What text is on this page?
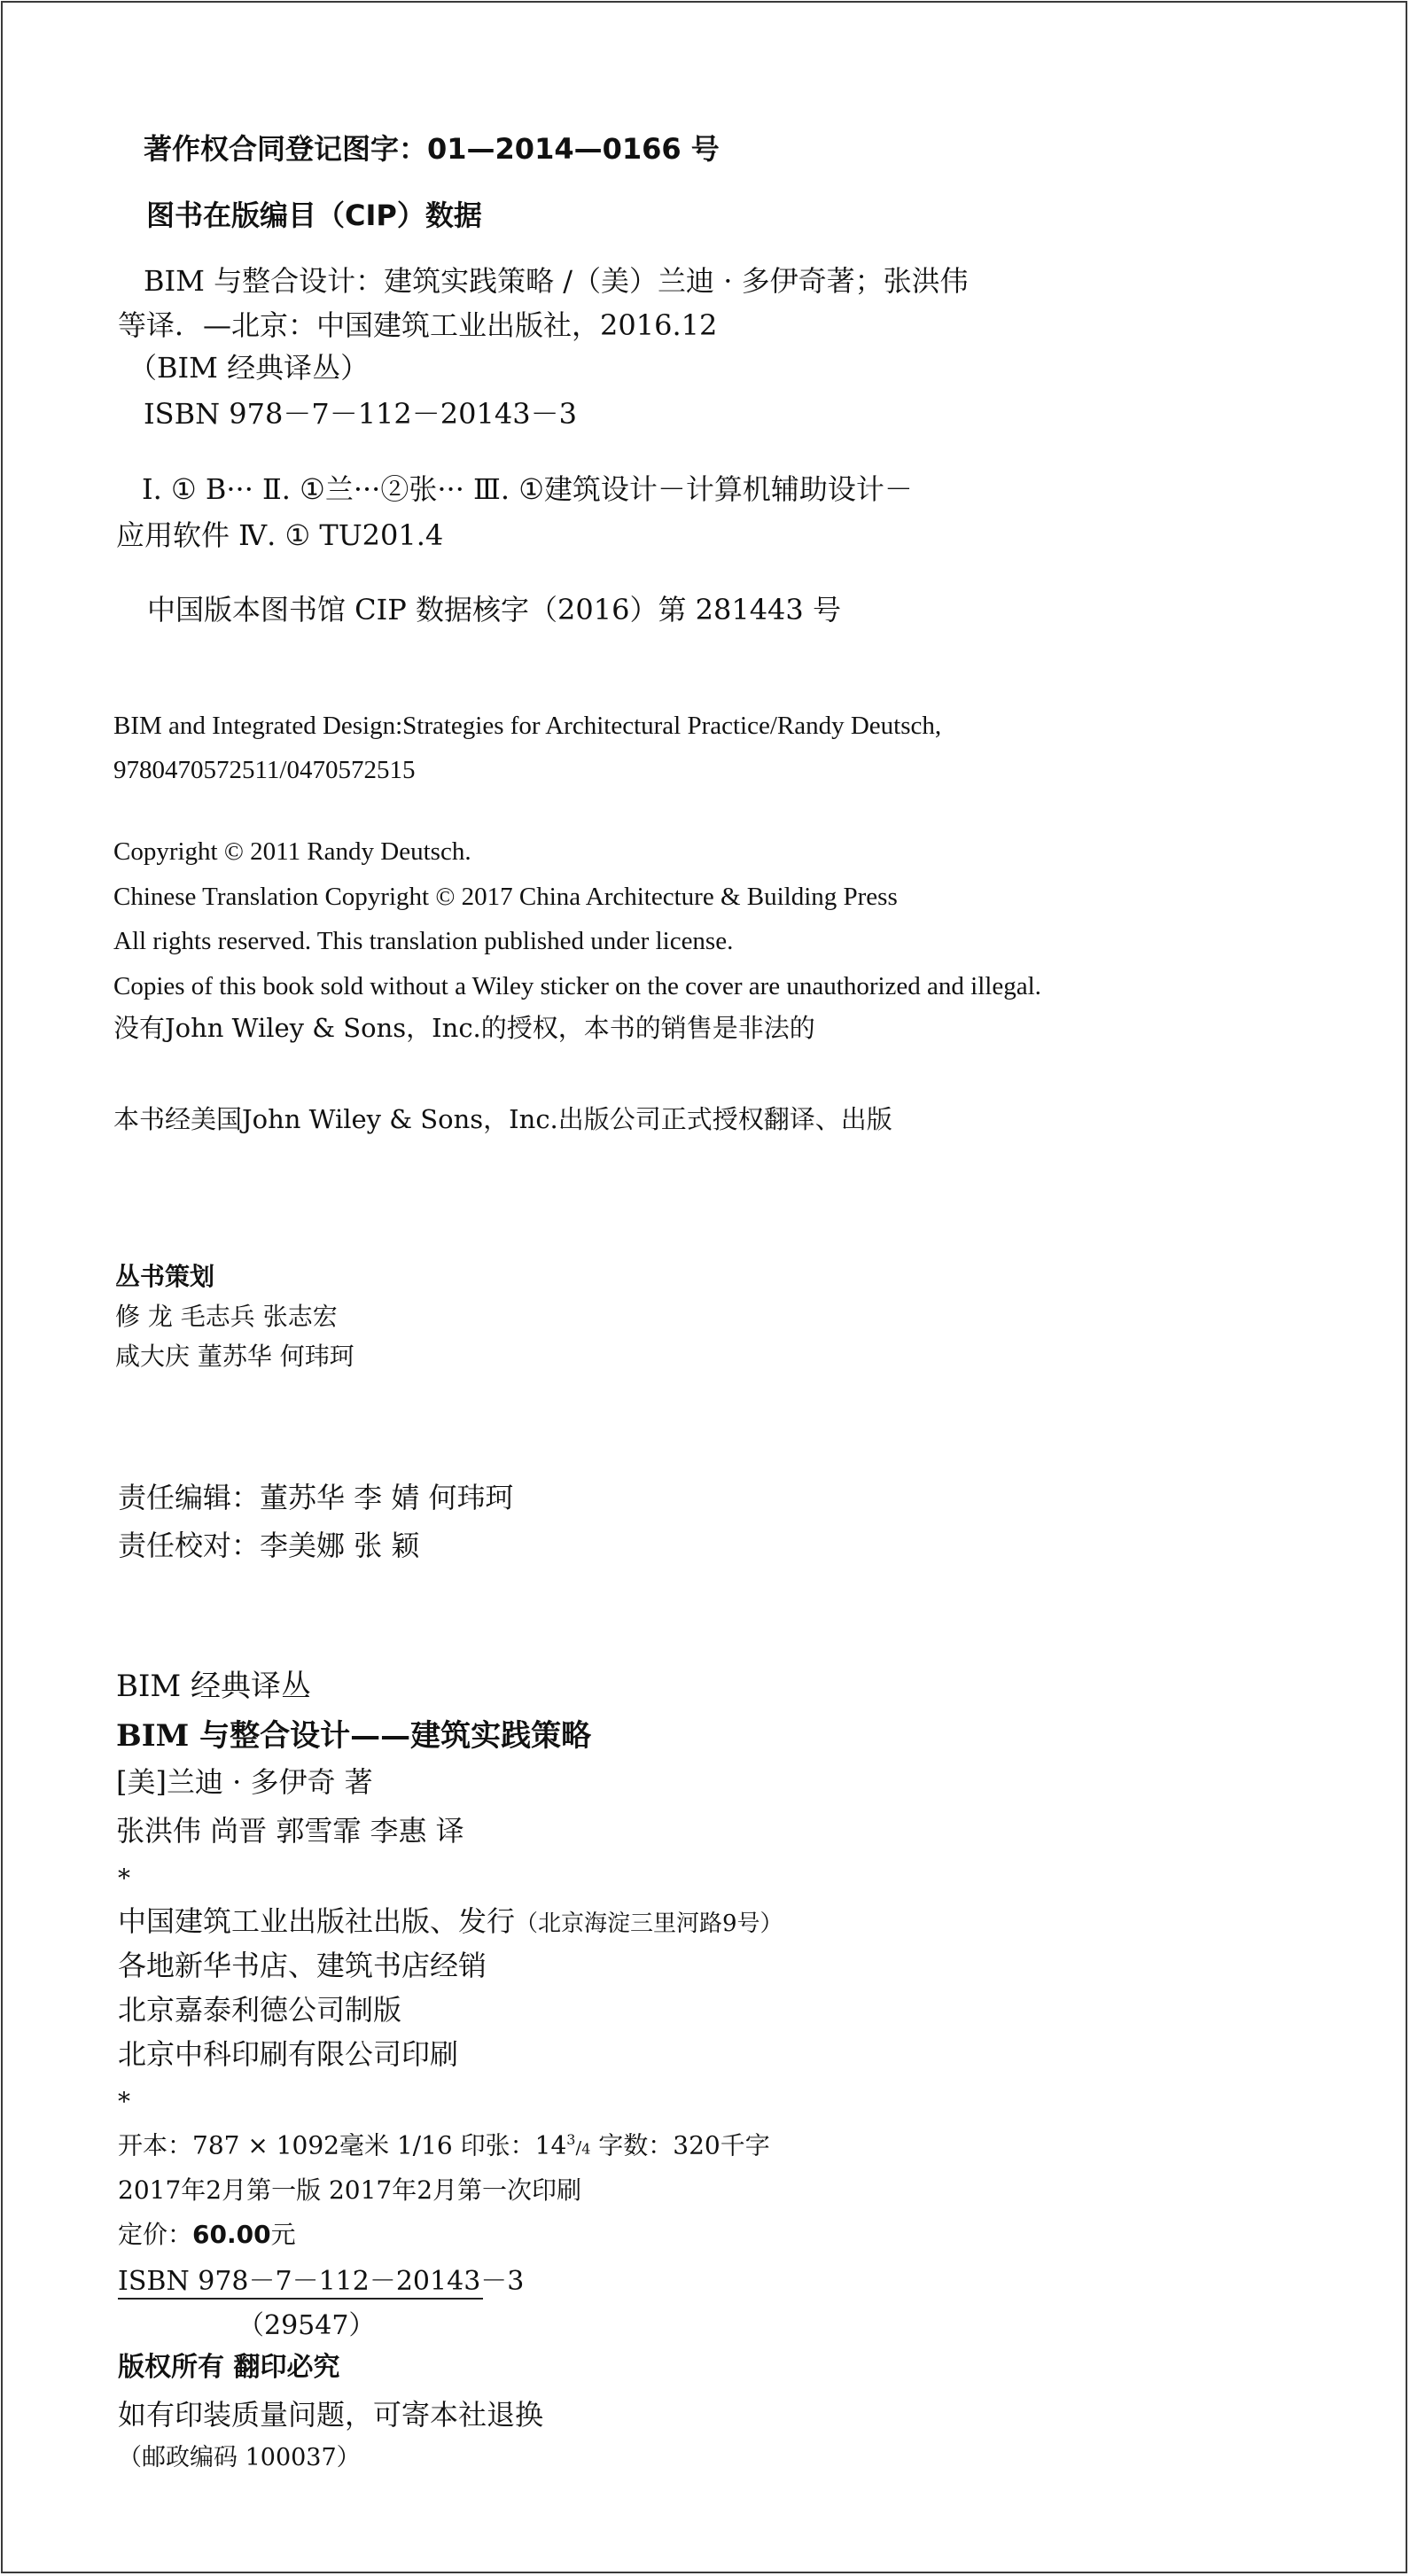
著作权合同登记图字：01—2014—0166 号
图书在版编目（CIP）数据
BIM 与整合设计：建筑实践策略 /（美）兰迪 · 多伊奇著；张洪伟
等译．—北京：中国建筑工业出版社，2016.12
（BIM 经典译丛）
ISBN 978－7－112－20143－3
Ⅰ. ① B··· Ⅱ. ①兰···②张··· Ⅲ. ①建筑设计－计算机辅助设计－
应用软件 Ⅳ. ① TU201.4
中国版本图书馆 CIP 数据核字（2016）第 281443 号
BIM and Integrated Design:Strategies for Architectural Practice/Randy Deutsch,
9780470572511/0470572515
Copyright © 2011 Randy Deutsch.
Chinese Translation Copyright © 2017 China Architecture & Building Press
All rights reserved. This translation published under license.
Copies of this book sold without a Wiley sticker on the cover are unauthorized and illegal.
没有John Wiley & Sons，Inc.的授权，本书的销售是非法的
本书经美国John Wiley & Sons，Inc.出版公司正式授权翻译、出版
丛书策划
修 龙 毛志兵 张志宏
咸大庆 董苏华 何玮珂
责任编辑：董苏华 李 婧 何玮珂
责任校对：李美娜 张 颖
BIM 经典译丛
BIM 与整合设计——建筑实践策略
[美]兰迪 · 多伊奇 著
张洪伟 尚晋 郭雪霏 李惠 译
*
中国建筑工业出版社出版、发行（北京海淀三里河路9号）
各地新华书店、建筑书店经销
北京嘉泰利德公司制版
北京中科印刷有限公司印刷
*
开本：787 × 1092毫米 1/16 印张：$14^3/4$ 字数：320千字
2017年2月第一版 2017年2月第一次印刷
定价：60.00元
ISBN 978－7－112－20143－3
（29547）
版权所有 翻印必究
如有印装质量问题，可寄本社退换
（邮政编码 100037）
